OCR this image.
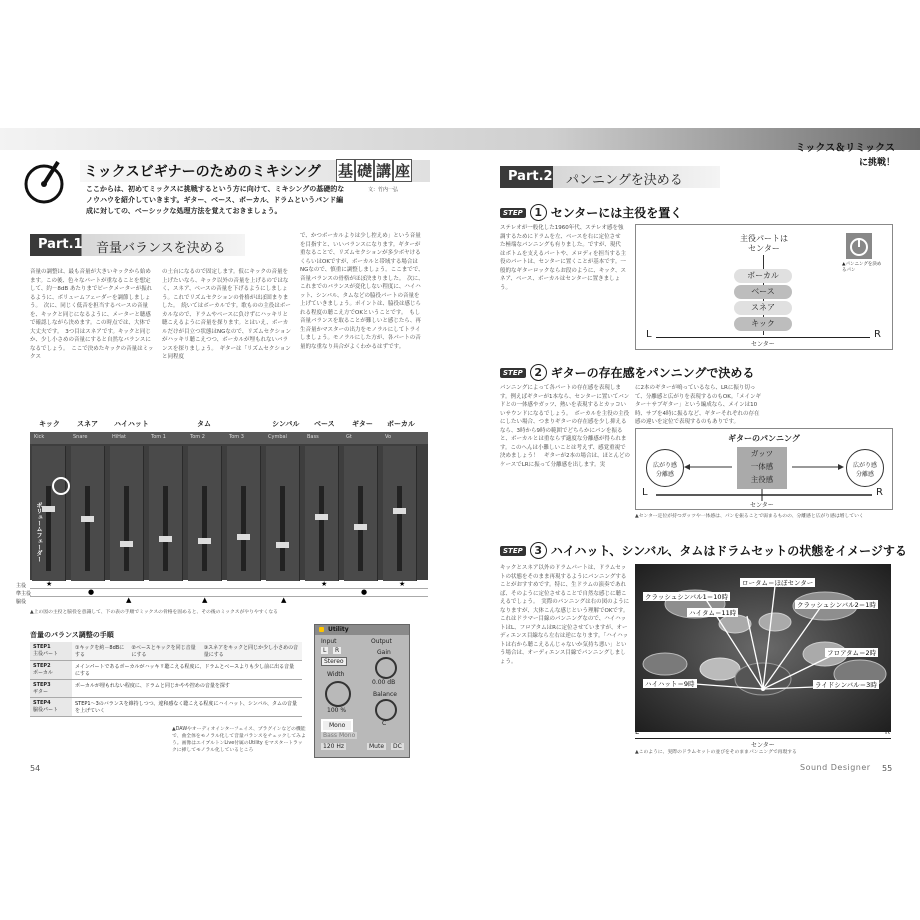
ミックス＆リミックス
に挑戦！
ミックスビギナーのためのミキシング 基 礎 講 座
文：竹内一弘
ここからは、初めてミックスに挑戦するという方に向けて、ミキシングの基礎的なノウハウを紹介していきます。ギター、ベース、ボーカル、ドラムというバンド編成に対しての、ベーシックな処理方法を覚えておきましょう。
Part.1 音量バランスを決める
音量の調整は、最も音量が大きいキックから始めます。この後、色々なパートが重なることを想定して、約－8dB あたりまでピークメーターが振れるように、ボリュームフェーダーを調節しましょう。　次に、同じく低音を担当するベースの音量を、キックと同じになるように、メーターと聴感で確認しながら決めます。この時点では、大体で大丈夫です。　3つ目はスネアです。キックと同じか、少し小さめの音量にすると自然なバランスになるでしょう。　ここで決めたキックの音量はミックス
の土台になるので固定します。仮にキックの音量を上げたいなら、キック以外の音量を上げるのではなく、スネア、ベースの音量を下げるようにしましょう。これでリズムセクションの骨格がほぼ固まりました。　続いてはボーカルです。歌ものの主役はボーカルなので、ドラムやベースに負けずにハッキリと聴こえるように音量を探ります。とはいえ、ボーカルだけが目立つ状態はNGなので、リズムセクションがハッキリ聴こえつつ、ボーカルが埋もれないバランスを探りましょう。　ギターは「リズムセクションと同程度
で、かつボーカルよりは少し控えめ」という音量を目指すと、いいバランスになります。ギターが重なることで、リズムセクションが多少ボヤけるくらいはOKですが、ボーカルと帯域する場合はNGなので、慎重に調整しましょう。ここまでで、音量バランスの骨格がほぼ決まりました。　次に、これまでのバランスが変化しない程度に、ハイハット、シンバル、タムなどの脇役パートの音量を上げていきましょう。ポイントは、脇役は感じられる程度の聴こえ方でOKということです。　もし音量バランスを取ることが難しいと感じたら、再生音量かマスターの出力をモノラルにしてトライしましょう。モノラルにした方が、各パートの音量的な重なり具合がよくわかるはずです。
キック スネア ハイハット	タム	シンバル ベース ギター ボーカル
Kick	Snare	HiHat	Tom 1	Tom 2	Tom 3	Cymbal	Bass	Gt	Vo
ボリュームフェーダー
主役
準主役
脇役
★
●
▲	▲	▲
★
●
★
▲上の図の主役と脇役を意識して、下の表の手順でミックスの骨格を固めると、その後のミックスがやりやすくなる
音量のバランス調整の手順
STEP1
主役パート	①キックを約－8dBにする	②ベースとキックを同じ音量にする	③スネアをキックと同じか少し小さめの音量にする
STEP2
ボーカル	メインパートであるボーカルがハッキリ聴こえる程度に、ドラムとベースよりも少し前に出る音量にする		
STEP3
ギター	ボーカルが埋もれない程度に、ドラムと同じかやや控めの音量を探す		
STEP4
脇役パート	STEP1〜3のバランスを維持しつつ、違和感なく聴こえる程度にハイハット、シンバル、タムの音量を上げていく		
Utility
Input	Output
L	R
Stereo
Gain
0.00 dB
Width
100 %
Balance
C
Mono
Bass Mono
120 Hz	Mute	DC
▲DAWやオーディオインターフェイス、プラグインなどの機能で、曲全体をモノラル化して音量バランスをチェックしてみよう。画像はエイブルトンLive付属のUtility をマスタートラックに挿してモノラル化しているところ
54
Part.2 パンニングを決める
STEP	1 センターには主役を置く
ステレオが一般化した1960年代、ステレオ感を強調するためにドラムを左、ベースを右に定位させた極端なパンニングも有りました。ですが、現代はボトムを支えるパートや、メロディを担当する主役のパートは、センターに置くことが基本です。一般的なギターロックならお段のように、キック、スネア、ベース、ボーカルはセンターに置きましょう。
主役パートは
センター
ボーカル
ベース
スネア
キック
L	R
センター
▲パンニングを決めるパン
STEP	2 ギターの存在感をパンニングで決める
パンニングによって各パートの存在感を表現します。例えばギターが1本なら、センターに置いてバンドとの一体感やガッツ、熱いを表現するとカッコいいサウンドになるでしょう。　ボーカルを主役の主役にしたい場合、つまりギターの存在感を少し抑えるなら、3時から9時の範囲でどちらかにパンを振ると、ボーカルとは重ならず適度な分離感が得られます。このへんは小難しいことは考えず、感覚重視で決めましょう！　ギターが2本の場合は、ほとんどのケースでLRに振って分離感を出します。実
に2本のギターが鳴っているなら、LRに振り切って、分離感と広がりを表現するのもOK。「メインギター＋サブギター」という編成なら、メインは10時、サブを4時に振るなど、ギターそれぞれの存在感の違いを定位で表現するのもありです。
ギターのパンニング
広がり感
分離感
ガッツ
一体感
主役感
広がり感
分離感
L	R
センター
▲センター定位が持つガッツや一体感は、パンを振ることで弱まるものの、分離感と広がり感は増していく
STEP	3 ハイハット、シンバル、タムはドラムセットの状態をイメージする
キックとスネア以外のドラムパートは、ドラムセットの状態をそのまま再現するようにパンニングすることがおすすめです。特に、生ドラムの演奏であれば、そのように定位させることで自然な感じに聴こえるでしょう。　実際のパンニングは右の図のようになりますが、大体こんな感じという理解でOKです。これはドラマー目線のパンニングなので、ハイハットはL、フロアタムはRに定位させていますが、オーディエンス目線なら左右は逆になります。「ハイハットは右から聴こえるんじゃないか気持ち悪い」という場合は、オーディエンス目線でパンニングしましょう。
クラッシュシンバル1＝10時
ロータム＝ほぼセンター
ハイタム＝11時
クラッシュシンバル2＝1時
フロアタム＝2時
ハイハット＝9時	ライドシンバル＝3時
L	R
センター
▲このように、実際のドラムセットの並びをそのままパンニングで再現する
Sound Designer 55
